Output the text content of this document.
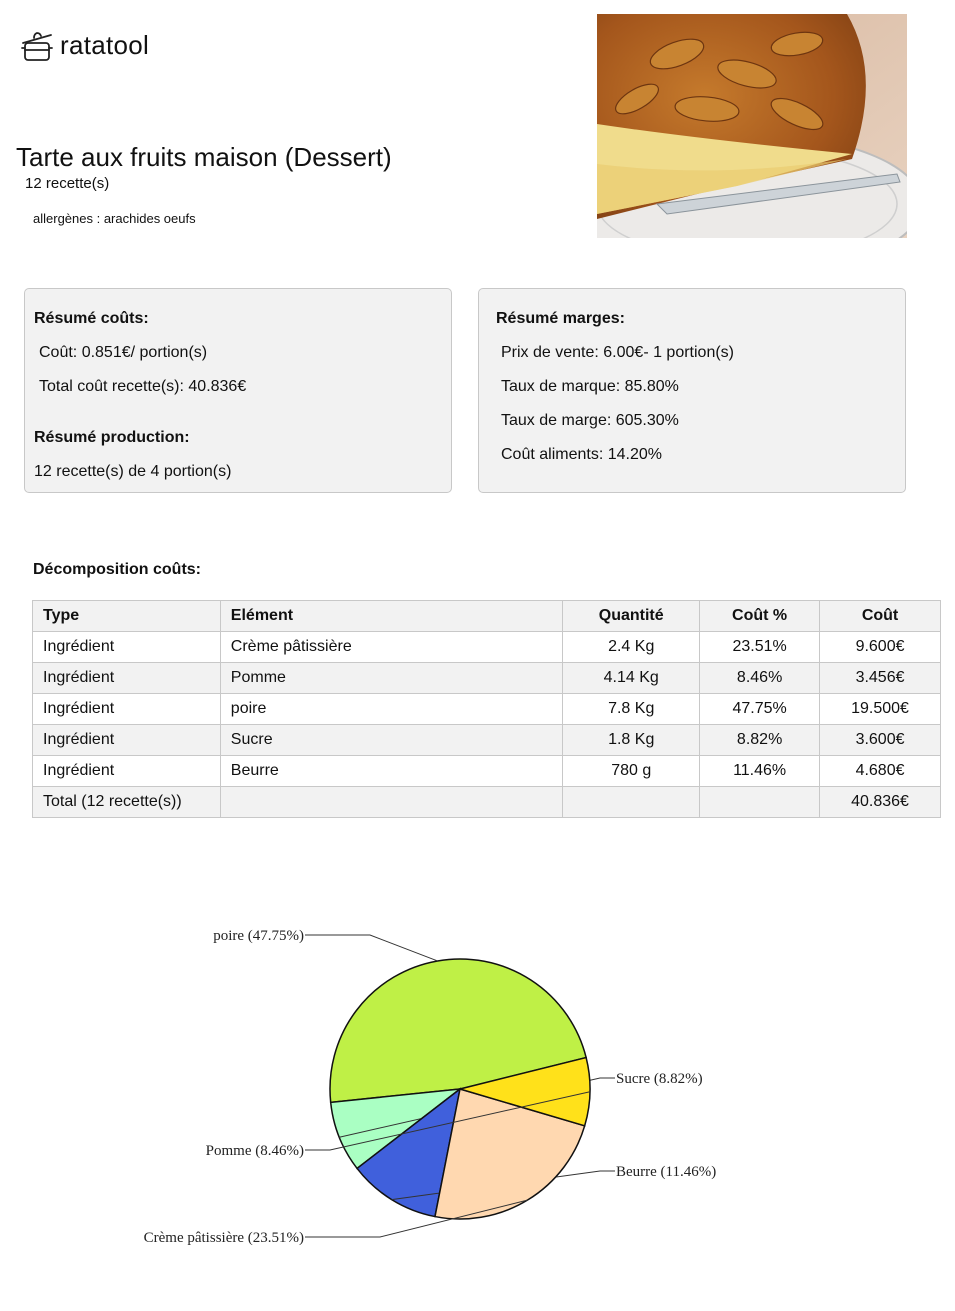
ratatool
Tarte aux fruits maison (Dessert)
12 recette(s)
allergènes : arachides oeufs
Résumé coûts:
Coût: 0.851€/ portion(s)
Total coût recette(s): 40.836€
Résumé production:
12 recette(s) de 4 portion(s)
Résumé marges:
Prix de vente: 6.00€- 1 portion(s)
Taux de marque: 85.80%
Taux de marge: 605.30%
Coût aliments: 14.20%
Décomposition coûts:
Type	Elément	Quantité	Coût %	Coût
Ingrédient	Crème pâtissière	2.4 Kg	23.51%	9.600€
Ingrédient	Pomme	4.14 Kg	8.46%	3.456€
Ingrédient	poire	7.8 Kg	47.75%	19.500€
Ingrédient	Sucre	1.8 Kg	8.82%	3.600€
Ingrédient	Beurre	780 g	11.46%	4.680€
Total (12 recette(s))				40.836€
poire (47.75%)
Sucre (8.82%)
Beurre (11.46%)
Crème pâtissière (23.51%)
Pomme (8.46%)
